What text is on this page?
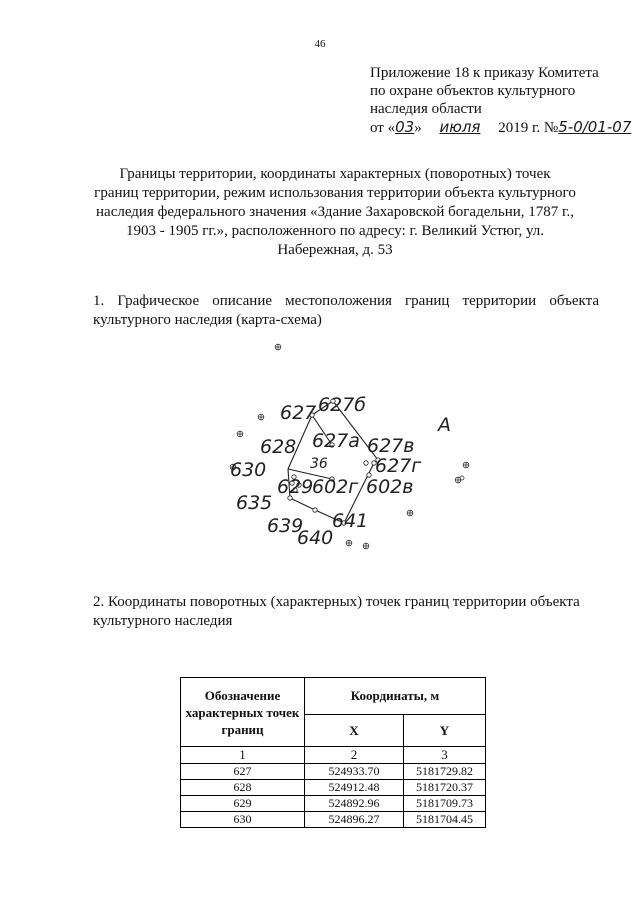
46
Приложение 18 к приказу Комитета
по охране объектов культурного
наследия области
от «03» июля 2019 г. №5-0/01-07
Границы территории, координаты характерных (поворотных) точек
границ территории, режим использования территории объекта культурного
наследия федерального значения «Здание Захаровской богадельни, 1787 г.,
1903 - 1905 гг.», расположенного по адресу: г. Великий Устюг, ул.
Набережная, д. 53
1. Графическое описание местоположения границ территории объекта культурного наследия (карта-схема)
627 627б
627а 627в
627г
628
630
629
602г 602в
635
639
640
641
36
А
2. Координаты поворотных (характерных) точек границ территории объекта культурного наследия
Обозначение характерных точек границ	Координаты, м	
	X	Y
1	2	3
627	524933.70	5181729.82
628	524912.48	5181720.37
629	524892.96	5181709.73
630	524896.27	5181704.45
